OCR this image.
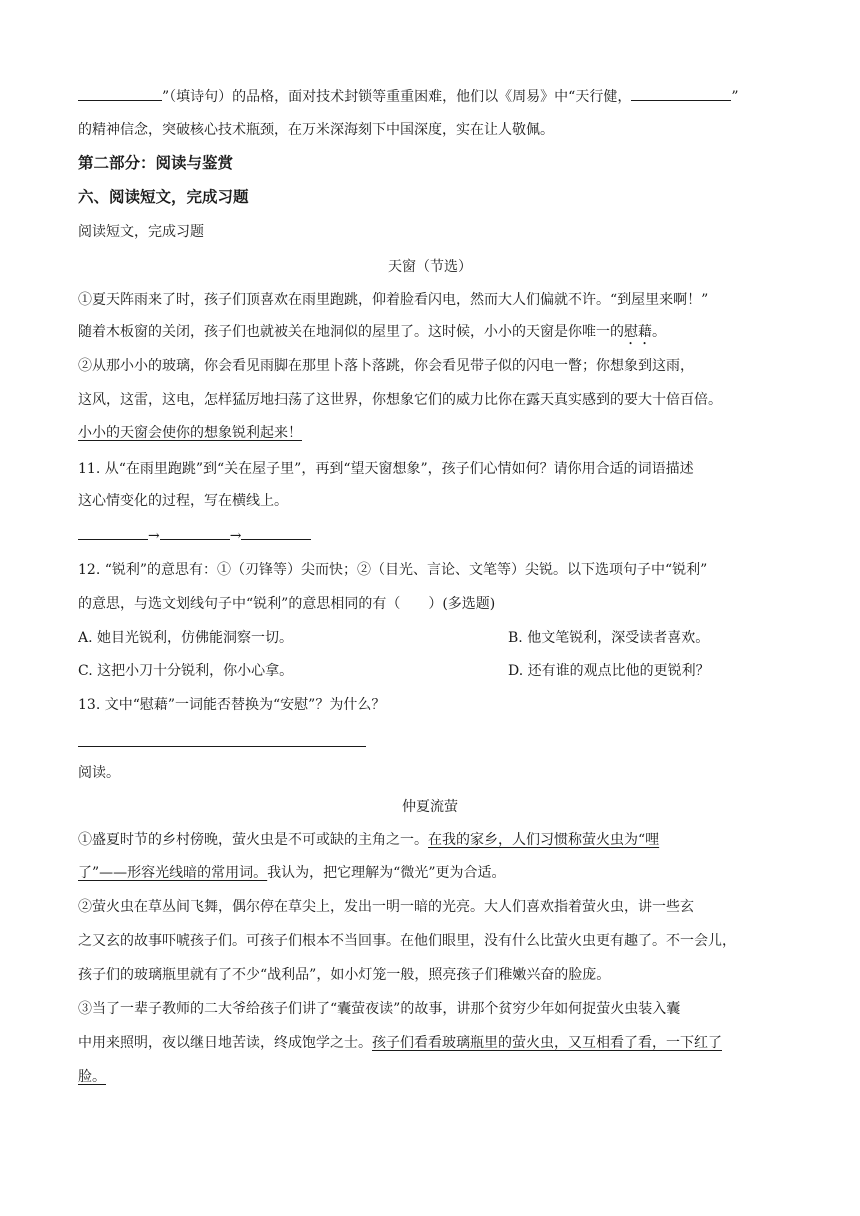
”（填诗句）的品格，面对技术封锁等重重困难，他们以《周易》中“天行健，	”
的精神信念，突破核心技术瓶颈，在万米深海刻下中国深度，实在让人敬佩。
第二部分：阅读与鉴赏
六、阅读短文，完成习题
阅读短文，完成习题
天窗（节选）
①夏天阵雨来了时，孩子们顶喜欢在雨里跑跳，仰着脸看闪电，然而大人们偏就不许。“到屋里来啊！”
随着木板窗的关闭，孩子们也就被关在地洞似的屋里了。这时候，小小的天窗是你唯一的慰藉。
②从那小小的玻璃，你会看见雨脚在那里卜落卜落跳，你会看见带子似的闪电一瞥；你想象到这雨，
这风，这雷，这电，怎样猛厉地扫荡了这世界，你想象它们的威力比你在露天真实感到的要大十倍百倍。
小小的天窗会使你的想象锐利起来！
11. 从“在雨里跑跳”到“关在屋子里”，再到“望天窗想象”，孩子们心情如何？请你用合适的词语描述
这心情变化的过程，写在横线上。
→	→
12. “锐利”的意思有：①（刃锋等）尖而快；②（目光、言论、文笔等）尖锐。以下选项句子中“锐利”
的意思，与选文划线句子中“锐利”的意思相同的有（　　）(多选题)
A. 她目光锐利，仿佛能洞察一切。	B. 他文笔锐利，深受读者喜欢。
C. 这把小刀十分锐利，你小心拿。	D. 还有谁的观点比他的更锐利？
13. 文中“慰藉”一词能否替换为“安慰”？为什么？
阅读。
仲夏流萤
①盛夏时节的乡村傍晚，萤火虫是不可或缺的主角之一。在我的家乡，人们习惯称萤火虫为“哩
了”——形容光线暗的常用词。我认为，把它理解为“微光”更为合适。
②萤火虫在草丛间飞舞，偶尔停在草尖上，发出一明一暗的光亮。大人们喜欢指着萤火虫，讲一些玄
之又玄的故事吓唬孩子们。可孩子们根本不当回事。在他们眼里，没有什么比萤火虫更有趣了。不一会儿，
孩子们的玻璃瓶里就有了不少“战利品”，如小灯笼一般，照亮孩子们稚嫩兴奋的脸庞。
③当了一辈子教师的二大爷给孩子们讲了“囊萤夜读”的故事，讲那个贫穷少年如何捉萤火虫装入囊
中用来照明，夜以继日地苦读，终成饱学之士。孩子们看看玻璃瓶里的萤火虫，又互相看了看，一下红了
脸。
